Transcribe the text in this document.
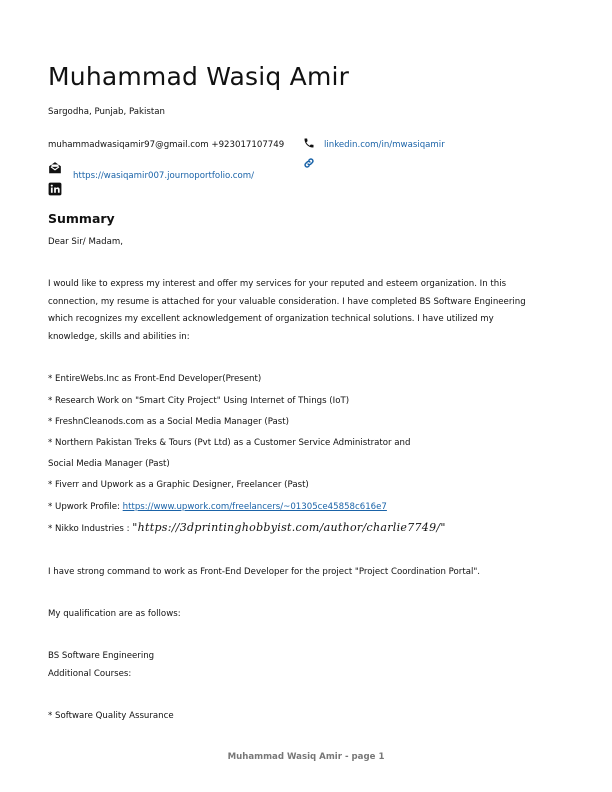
Muhammad Wasiq Amir
Sargodha, Punjab, Pakistan
muhammadwasiqamir97@gmail.com +923017107749	linkedin.com/in/mwasiqamir
https://wasiqamir007.journoportfolio.com/
Summary
Dear Sir/ Madam,

I would like to express my interest and offer my services for your reputed and esteem organization. In this

connection, my resume is attached for your valuable consideration. I have completed BS Software Engineering

which recognizes my excellent acknowledgement of organization technical solutions. I have utilized my

knowledge, skills and abilities in:

* EntireWebs.Inc as Front-End Developer(Present)
* Research Work on "Smart City Project" Using Internet of Things (IoT)
* FreshnCleanods.com as a Social Media Manager (Past)
* Northern Pakistan Treks & Tours (Pvt Ltd) as a Customer Service Administrator and
Social Media Manager (Past)
* Fiverr and Upwork as a Graphic Designer, Freelancer (Past)
* Upwork Profile: https://www.upwork.com/freelancers/~01305ce45858c616e7
* Nikko Industries : "https://3dprintinghobbyist.com/author/charlie7749/"
I have strong command to work as Front-End Developer for the project "Project Coordination Portal".
My qualification are as follows:
BS Software Engineering
Additional Courses:
* Software Quality Assurance
Muhammad Wasiq Amir - page 1
